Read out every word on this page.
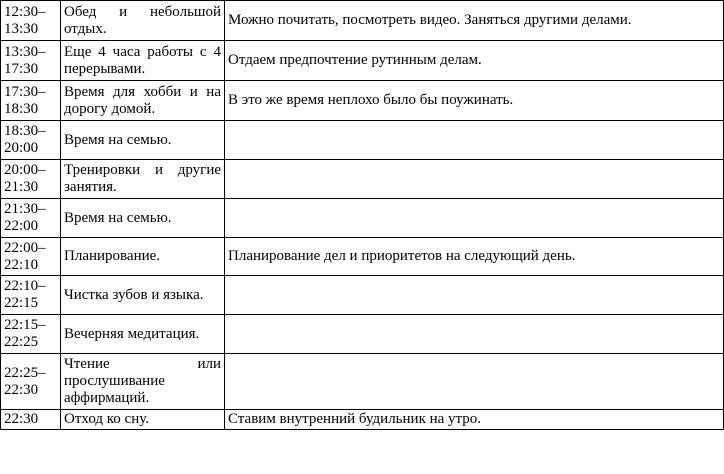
12:30–13:30	Обед и небольшой отдых.	Можно почитать, посмотреть видео. Заняться другими делами.
13:30–17:30	Еще 4 часа работы с 4 перерывами.	Отдаем предпочтение рутинным делам.
17:30–18:30	Время для хобби и на дорогу домой.	В это же время неплохо было бы поужинать.
18:30–20:00	Время на семью.	
20:00–21:30	Тренировки и другие занятия.	
21:30–22:00	Время на семью.	
22:00–22:10	Планирование.	Планирование дел и приоритетов на следующий день.
22:10–22:15	Чистка зубов и языка.	
22:15–22:25	Вечерняя медитация.	
22:25–22:30	Чтение или прослушивание аффирмаций.	
22:30	Отход ко сну.	Ставим внутренний будильник на утро.
